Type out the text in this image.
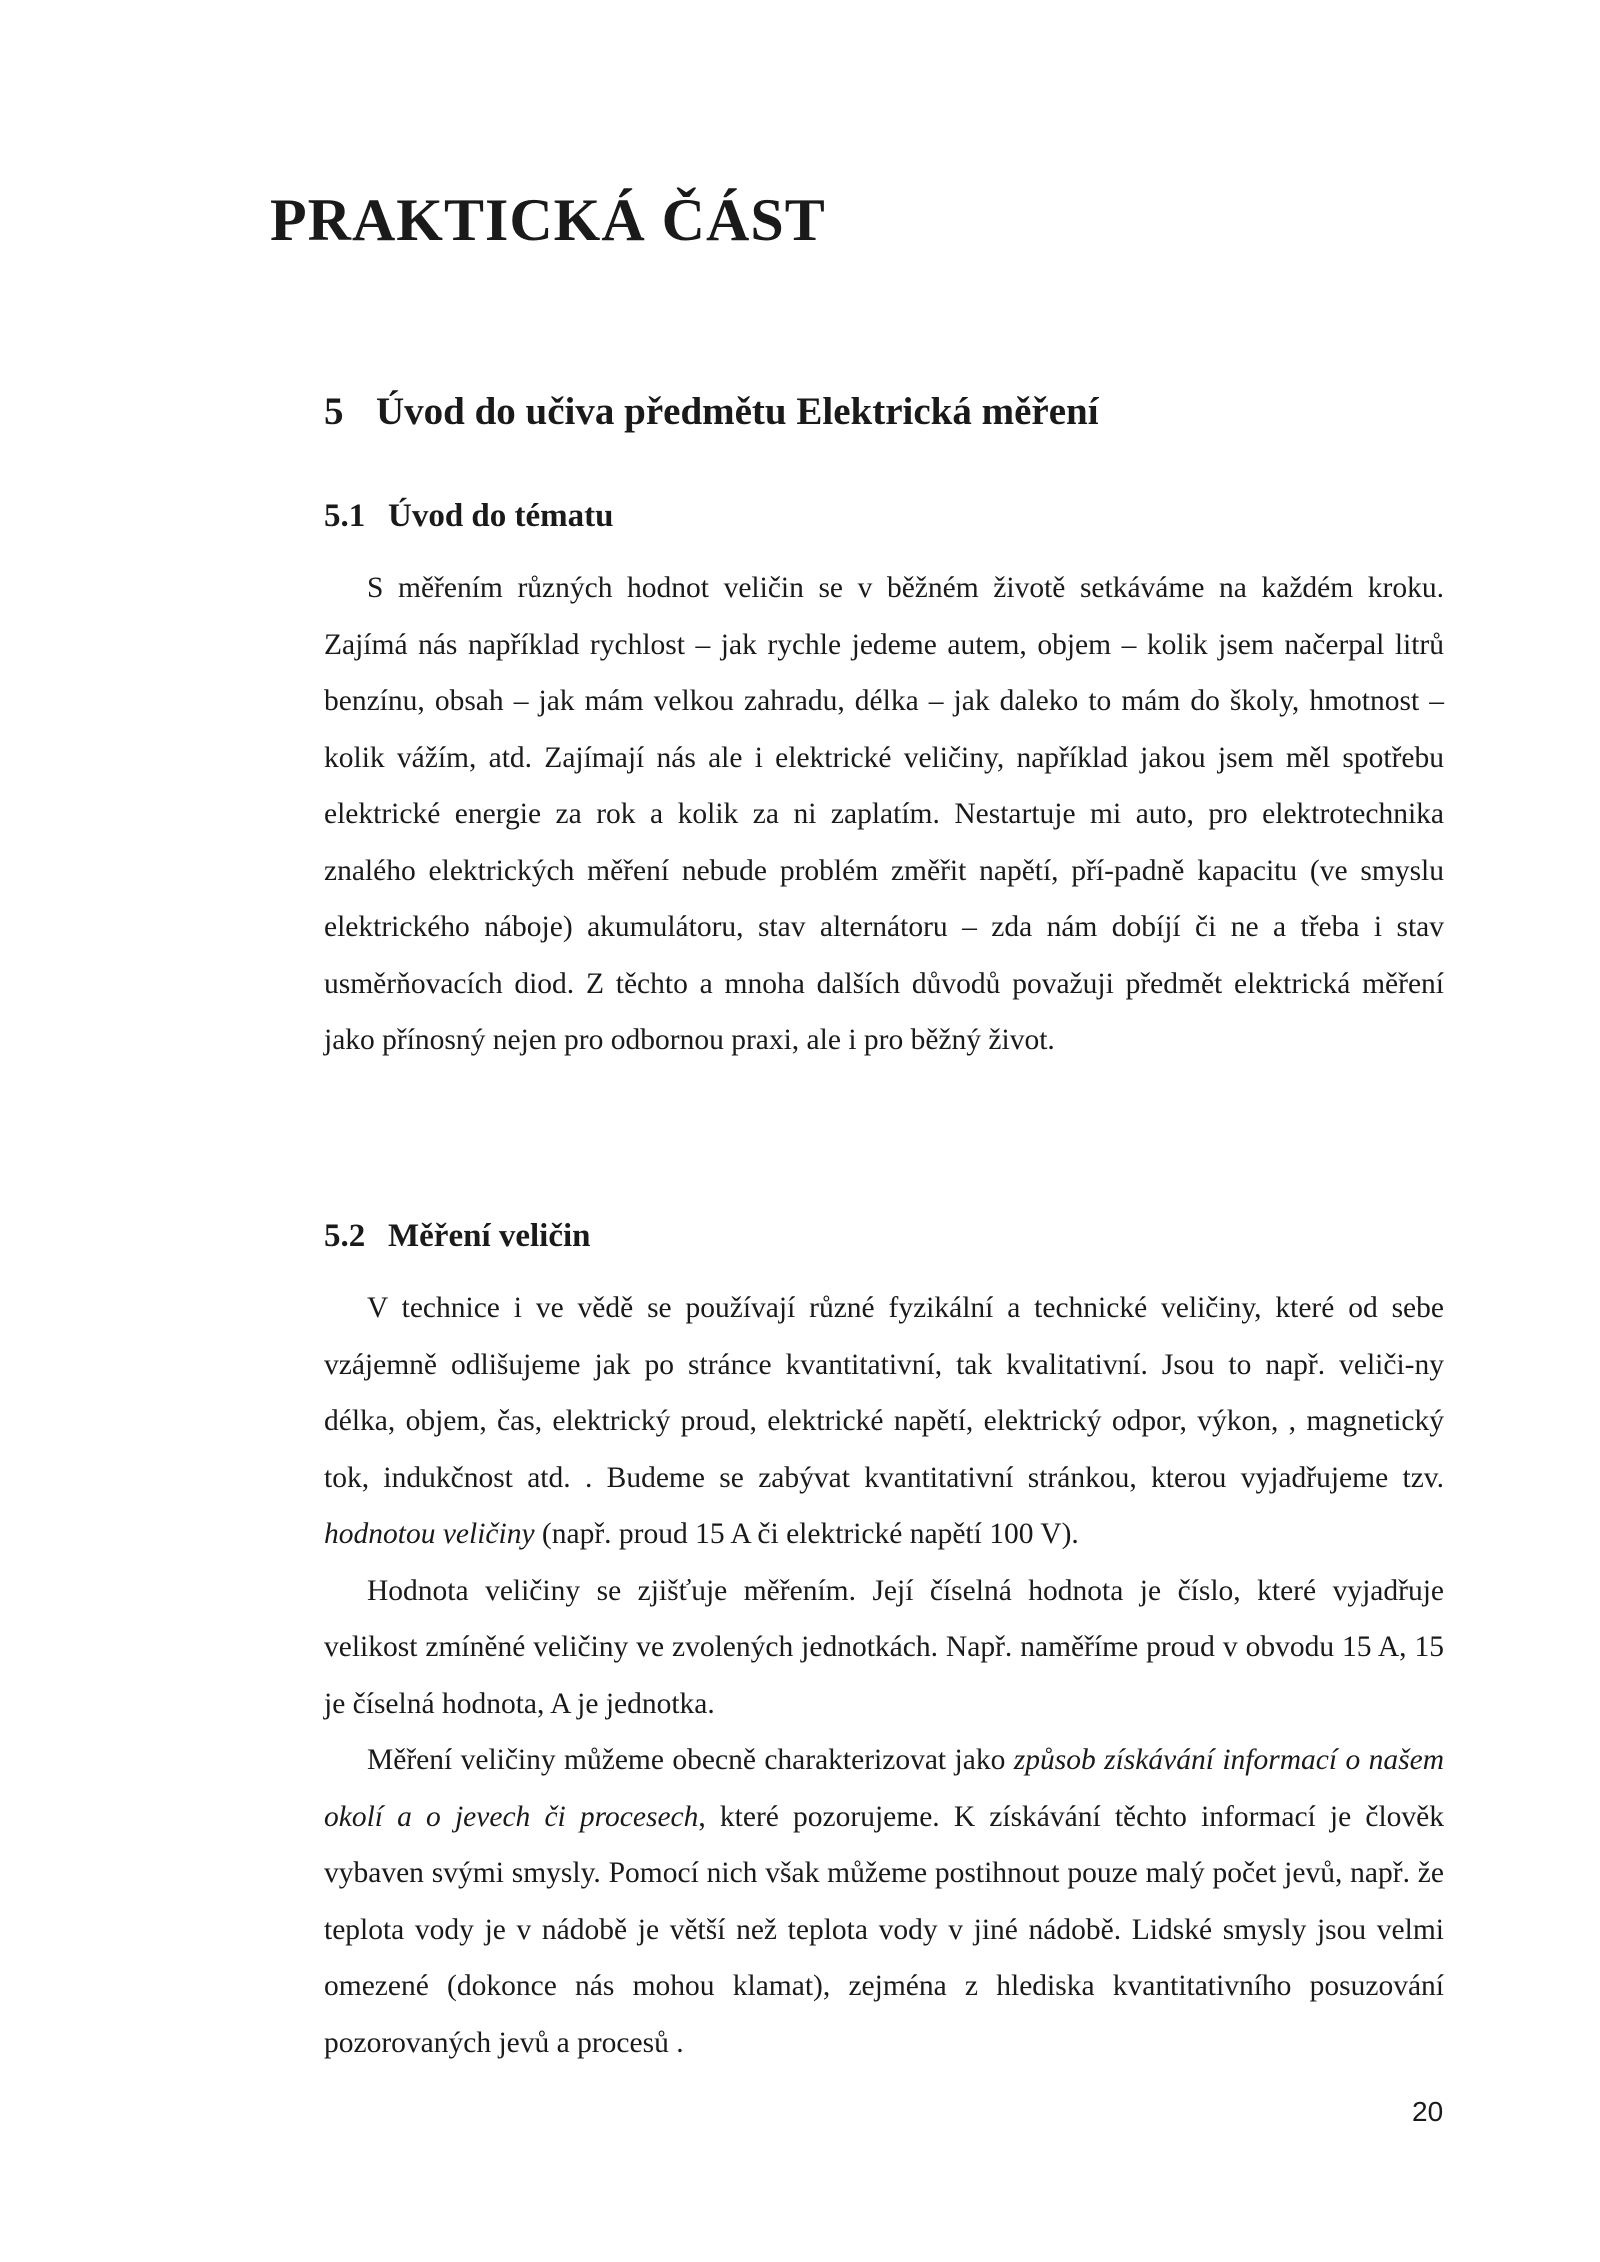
PRAKTICKÁ ČÁST
5 Úvod do učiva předmětu Elektrická měření
5.1 Úvod do tématu

S měřením různých hodnot veličin se v běžném životě setkáváme na každém kroku. Zajímá nás například rychlost – jak rychle jedeme autem, objem – kolik jsem načerpal litrů benzínu, obsah – jak mám velkou zahradu, délka – jak daleko to mám do školy, hmotnost – kolik vážím, atd. Zajímají nás ale i elektrické veličiny, například jakou jsem měl spotřebu elektrické energie za rok a kolik za ni zaplatím. Nestartuje mi auto, pro elektrotechnika znalého elektrických měření nebude problém změřit napětí, pří-padně kapacitu (ve smyslu elektrického náboje) akumulátoru, stav alternátoru – zda nám dobíjí či ne a třeba i stav usměrňovacích diod. Z těchto a mnoha dalších důvodů považuji předmět elektrická měření jako přínosný nejen pro odbornou praxi, ale i pro běžný život.

5.2 Měření veličin

V technice i ve vědě se používají různé fyzikální a technické veličiny, které od sebe vzájemně odlišujeme jak po stránce kvantitativní, tak kvalitativní. Jsou to např. veliči-ny délka, objem, čas, elektrický proud, elektrické napětí, elektrický odpor, výkon, , magnetický tok, indukčnost atd. . Budeme se zabývat kvantitativní stránkou, kterou vyjadřujeme tzv. hodnotou veličiny (např. proud 15 A či elektrické napětí 100 V).

Hodnota veličiny se zjišťuje měřením. Její číselná hodnota je číslo, které vyjadřuje velikost zmíněné veličiny ve zvolených jednotkách. Např. naměříme proud v obvodu 15 A, 15 je číselná hodnota, A je jednotka.

Měření veličiny můžeme obecně charakterizovat jako způsob získávání informací o našem okolí a o jevech či procesech, které pozorujeme. K získávání těchto informací je člověk vybaven svými smysly. Pomocí nich však můžeme postihnout pouze malý počet jevů, např. že teplota vody je v nádobě je větší než teplota vody v jiné nádobě. Lidské smysly jsou velmi omezené (dokonce nás mohou klamat), zejména z hlediska kvantitativního posuzování pozorovaných jevů a procesů .

20
